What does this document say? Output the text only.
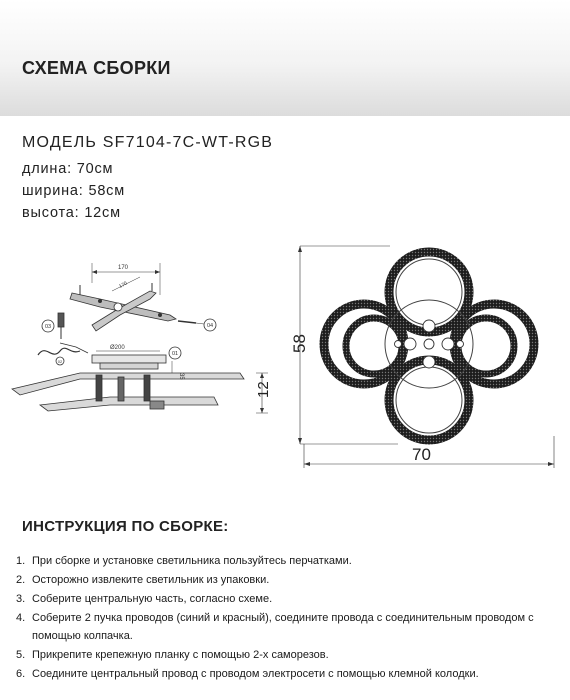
СХЕМА СБОРКИ
МОДЕЛЬ SF7104-7C-WT-RGB
длина: 70см
ширина: 58см
высота: 12см
170
170
Ø200
35
12
01
02
03	04
58
70
ИНСТРУКЦИЯ ПО СБОРКЕ:
1. При сборке и установке светильника пользуйтесь перчатками.
2. Осторожно извлеките светильник из упаковки.
3. Соберите центральную часть, согласно схеме.
4. Соберите 2 пучка проводов (синий и красный), соедините провода с соединительным проводом с помощью колпачка.
5. Прикрепите крепежную планку с помощью 2-х саморезов.
6. Соедините центральный провод с проводом электросети с помощью клемной колодки.
